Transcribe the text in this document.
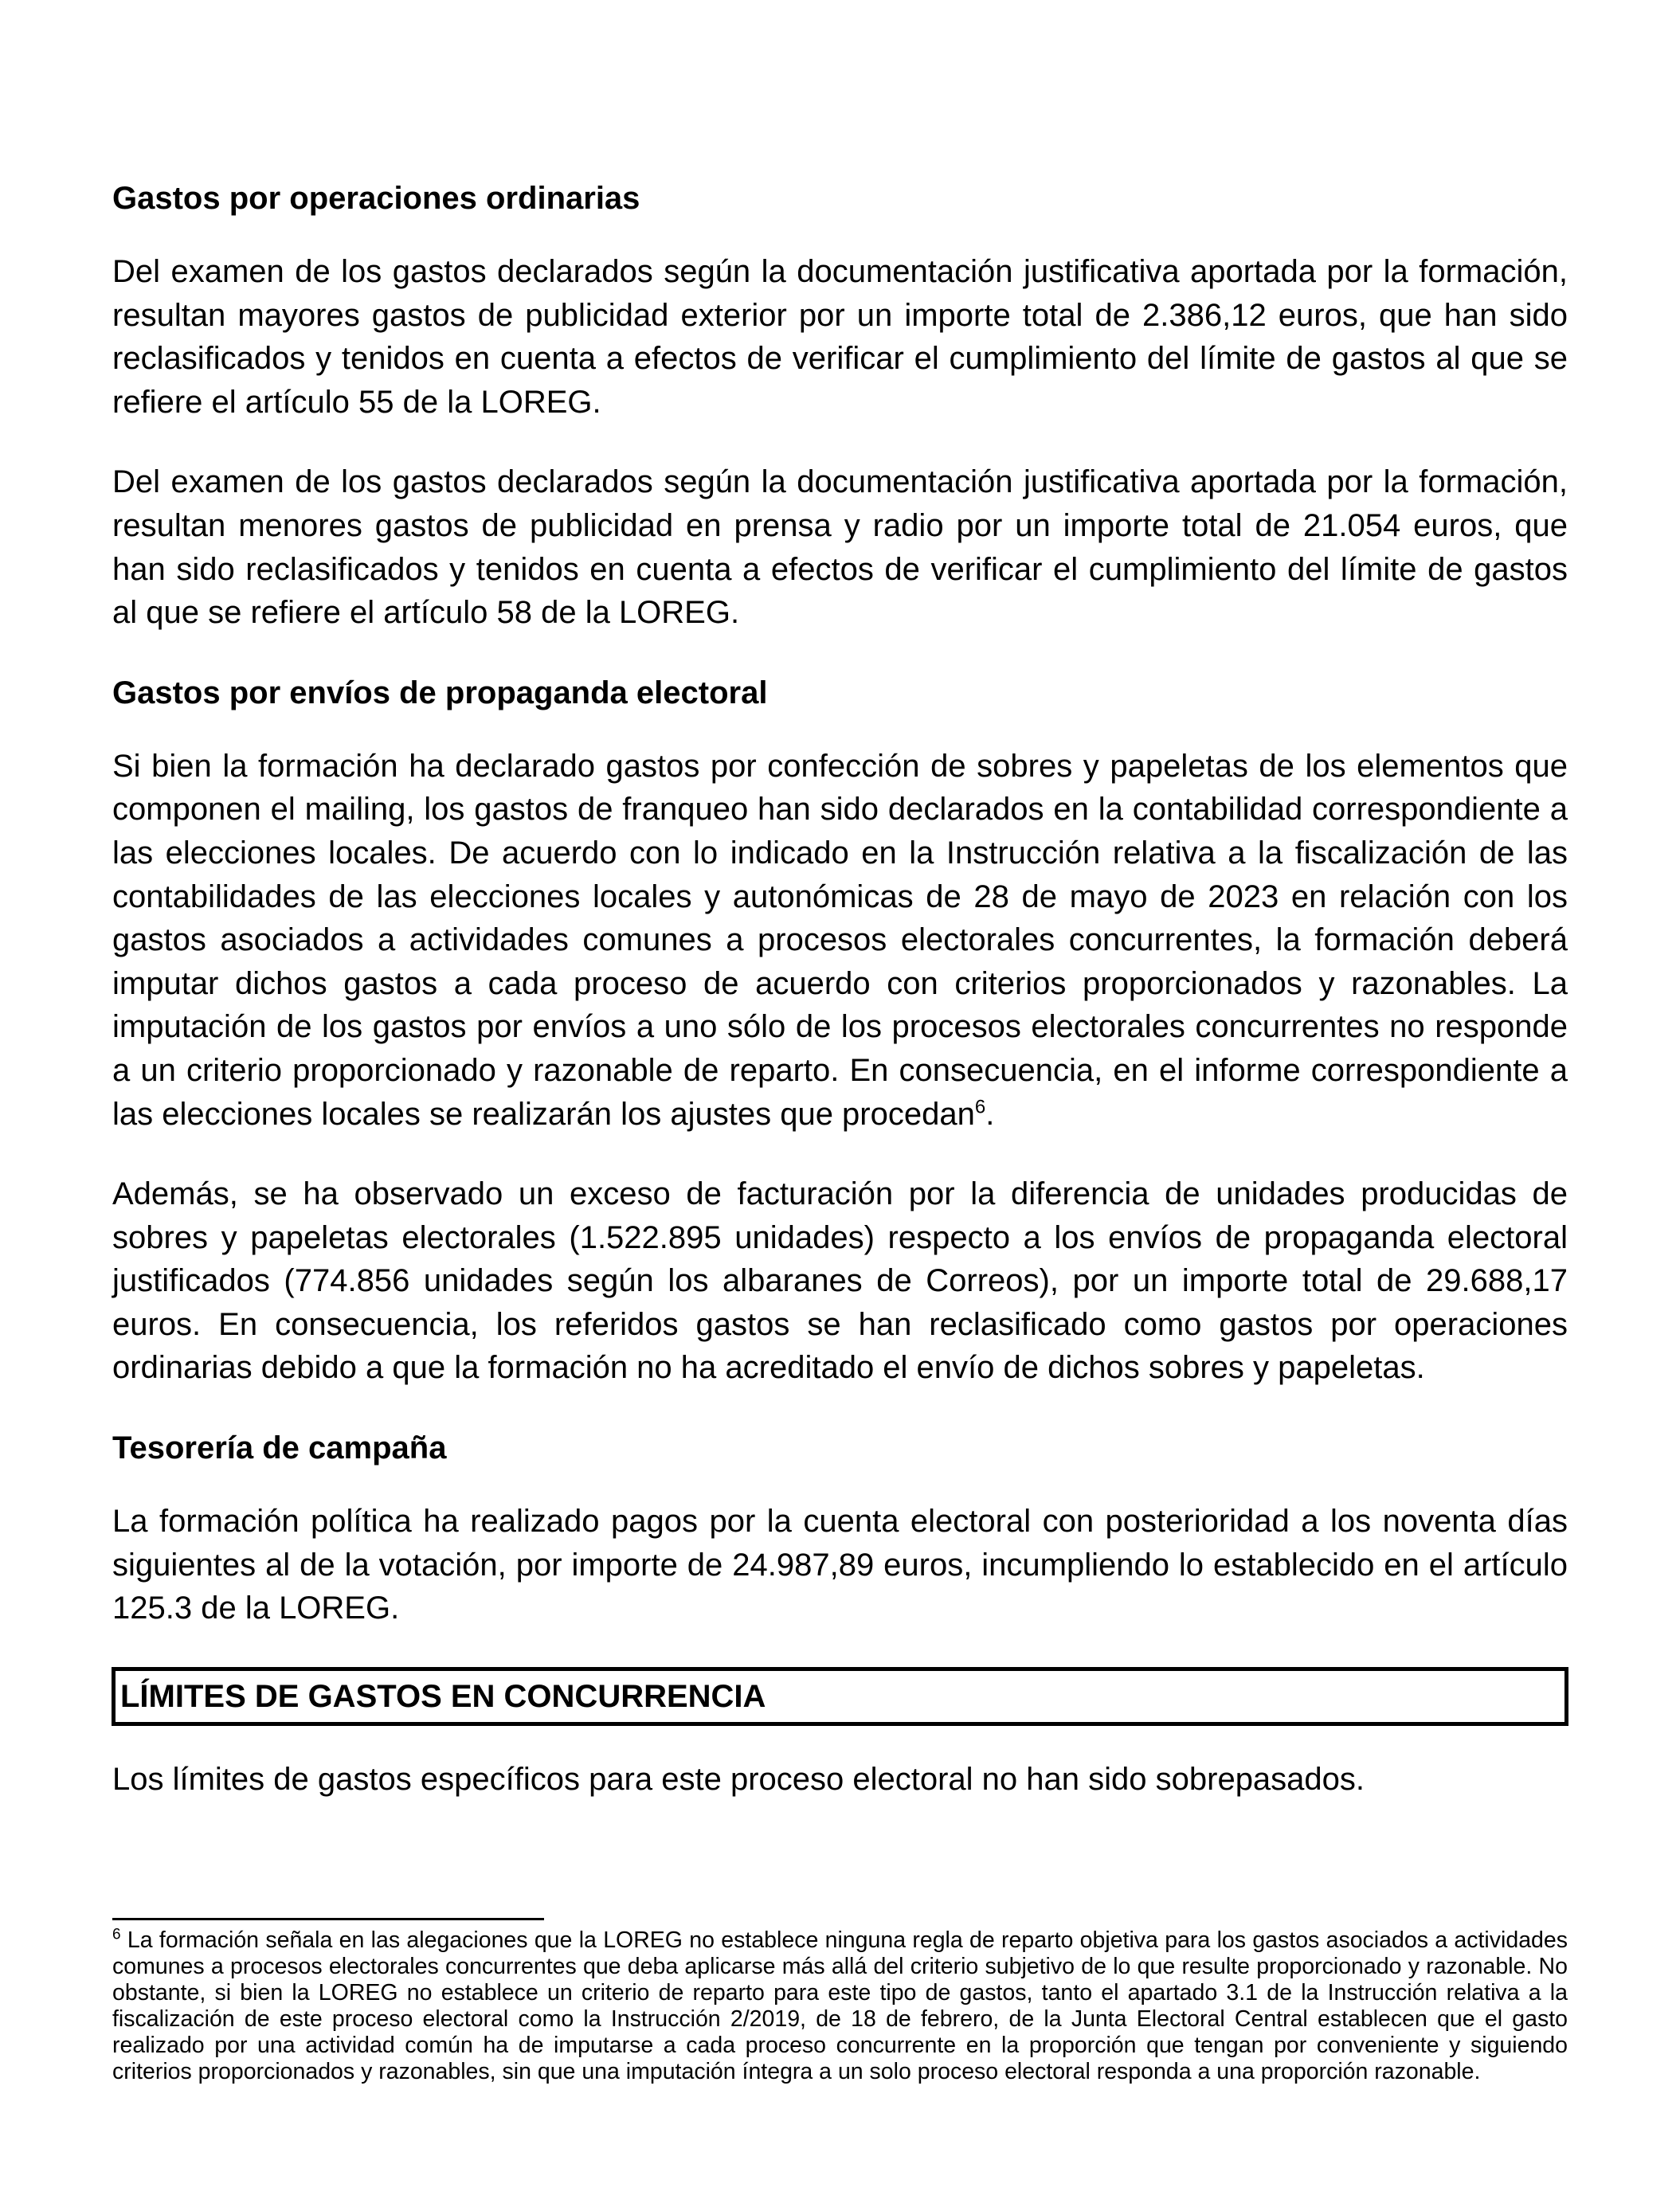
Gastos por operaciones ordinarias

Del examen de los gastos declarados según la documentación justificativa aportada por la formación, resultan mayores gastos de publicidad exterior por un importe total de 2.386,12 euros, que han sido reclasificados y tenidos en cuenta a efectos de verificar el cumplimiento del límite de gastos al que se refiere el artículo 55 de la LOREG.

Del examen de los gastos declarados según la documentación justificativa aportada por la formación, resultan menores gastos de publicidad en prensa y radio por un importe total de 21.054 euros, que han sido reclasificados y tenidos en cuenta a efectos de verificar el cumplimiento del límite de gastos al que se refiere el artículo 58 de la LOREG.

Gastos por envíos de propaganda electoral

Si bien la formación ha declarado gastos por confección de sobres y papeletas de los elementos que componen el mailing, los gastos de franqueo han sido declarados en la contabilidad correspondiente a las elecciones locales. De acuerdo con lo indicado en la Instrucción relativa a la fiscalización de las contabilidades de las elecciones locales y autonómicas de 28 de mayo de 2023 en relación con los gastos asociados a actividades comunes a procesos electorales concurrentes, la formación deberá imputar dichos gastos a cada proceso de acuerdo con criterios proporcionados y razonables. La imputación de los gastos por envíos a uno sólo de los procesos electorales concurrentes no responde a un criterio proporcionado y razonable de reparto. En consecuencia, en el informe correspondiente a las elecciones locales se realizarán los ajustes que procedan$^6$.

Además, se ha observado un exceso de facturación por la diferencia de unidades producidas de sobres y papeletas electorales (1.522.895 unidades) respecto a los envíos de propaganda electoral justificados (774.856 unidades según los albaranes de Correos), por un importe total de 29.688,17 euros. En consecuencia, los referidos gastos se han reclasificado como gastos por operaciones ordinarias debido a que la formación no ha acreditado el envío de dichos sobres y papeletas.

Tesorería de campaña

La formación política ha realizado pagos por la cuenta electoral con posterioridad a los noventa días siguientes al de la votación, por importe de 24.987,89 euros, incumpliendo lo establecido en el artículo 125.3 de la LOREG.

LÍMITES DE GASTOS EN CONCURRENCIA

Los límites de gastos específicos para este proceso electoral no han sido sobrepasados.

$^6$ La formación señala en las alegaciones que la LOREG no establece ninguna regla de reparto objetiva para los gastos asociados a actividades comunes a procesos electorales concurrentes que deba aplicarse más allá del criterio subjetivo de lo que resulte proporcionado y razonable. No obstante, si bien la LOREG no establece un criterio de reparto para este tipo de gastos, tanto el apartado 3.1 de la Instrucción relativa a la fiscalización de este proceso electoral como la Instrucción 2/2019, de 18 de febrero, de la Junta Electoral Central establecen que el gasto realizado por una actividad común ha de imputarse a cada proceso concurrente en la proporción que tengan por conveniente y siguiendo criterios proporcionados y razonables, sin que una imputación íntegra a un solo proceso electoral responda a una proporción razonable.
